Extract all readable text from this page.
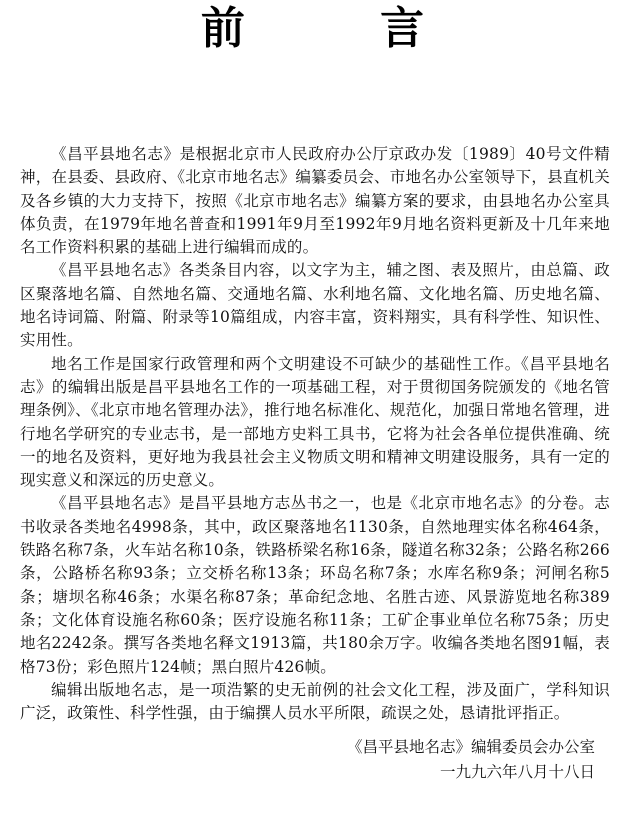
前 言

《昌平县地名志》是根据北京市人民政府办公厅京政办发〔1989〕40号文件精神，在县委、县政府、《北京市地名志》编纂委员会、市地名办公室领导下，县直机关及各乡镇的大力支持下，按照《北京市地名志》编纂方案的要求，由县地名办公室具体负责，在1979年地名普查和1991年9月至1992年9月地名资料更新及十几年来地名工作资料积累的基础上进行编辑而成的。

《昌平县地名志》各类条目内容，以文字为主，辅之图、表及照片，由总篇、政区聚落地名篇、自然地名篇、交通地名篇、水利地名篇、文化地名篇、历史地名篇、地名诗词篇、附篇、附录等10篇组成，内容丰富，资料翔实，具有科学性、知识性、实用性。

地名工作是国家行政管理和两个文明建设不可缺少的基础性工作。《昌平县地名志》的编辑出版是昌平县地名工作的一项基础工程，对于贯彻国务院颁发的《地名管理条例》、《北京市地名管理办法》，推行地名标准化、规范化，加强日常地名管理，进行地名学研究的专业志书，是一部地方史料工具书，它将为社会各单位提供准确、统一的地名及资料，更好地为我县社会主义物质文明和精神文明建设服务，具有一定的现实意义和深远的历史意义。

《昌平县地名志》是昌平县地方志丛书之一，也是《北京市地名志》的分卷。志书收录各类地名4998条，其中，政区聚落地名1130条，自然地理实体名称464条，铁路名称7条，火车站名称10条，铁路桥梁名称16条，隧道名称32条；公路名称266条，公路桥名称93条；立交桥名称13条；环岛名称7条；水库名称9条；河闸名称5条；塘坝名称46条；水渠名称87条；革命纪念地、名胜古迹、风景游览地名称389条；文化体育设施名称60条；医疗设施名称11条；工矿企事业单位名称75条；历史地名2242条。撰写各类地名释文1913篇，共180余万字。收编各类地名图91幅，表格73份；彩色照片124帧；黑白照片426帧。

编辑出版地名志，是一项浩繁的史无前例的社会文化工程，涉及面广，学科知识广泛，政策性、科学性强，由于编撰人员水平所限，疏误之处，恳请批评指正。

《昌平县地名志》编辑委员会办公室
一九九六年八月十八日
